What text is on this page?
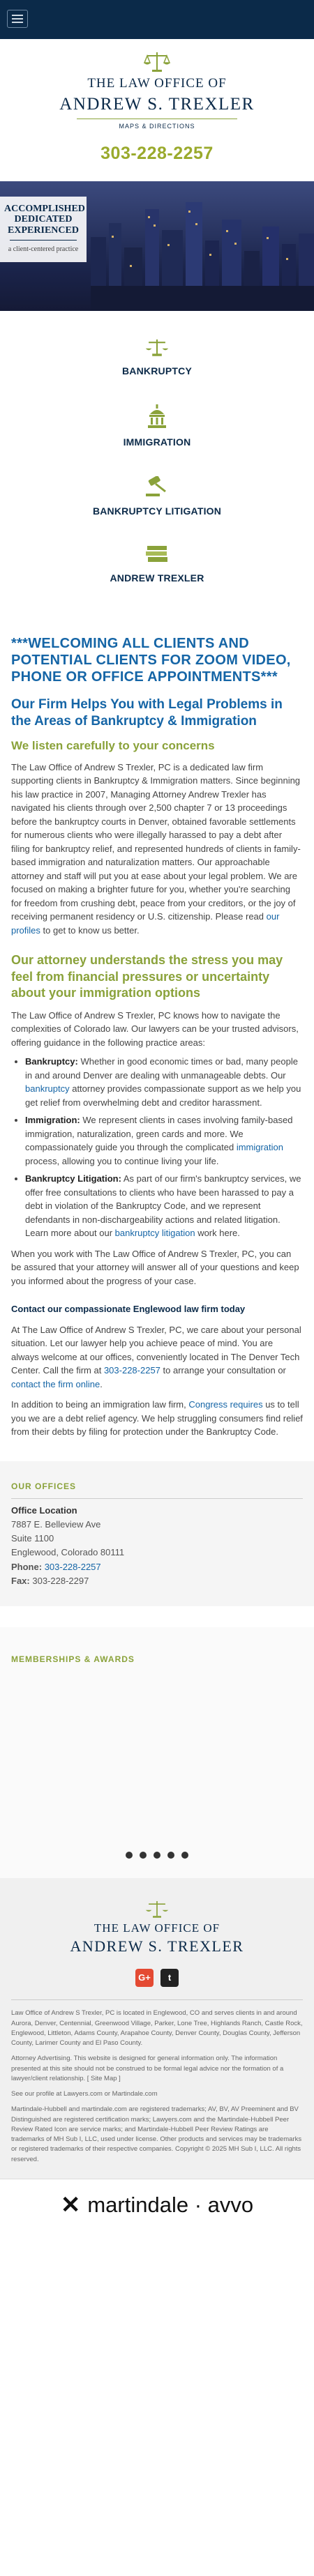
THE LAW OFFICE OF
ANDREW S. TREXLER
MAPS & DIRECTIONS
303-228-2257
ACCOMPLISHED DEDICATED EXPERIENCED

a client-centered practice

BANKRUPTCY
IMMIGRATION
BANKRUPTCY LITIGATION
ANDREW TREXLER
***WELCOMING ALL CLIENTS AND POTENTIAL CLIENTS FOR ZOOM VIDEO, PHONE OR OFFICE APPOINTMENTS***
Our Firm Helps You with Legal Problems in the Areas of Bankruptcy & Immigration
We listen carefully to your concerns

The Law Office of Andrew S Trexler, PC is a dedicated law firm supporting clients in Bankruptcy & Immigration matters. Since beginning his law practice in 2007, Managing Attorney Andrew Trexler has navigated his clients through over 2,500 chapter 7 or 13 proceedings before the bankruptcy courts in Denver, obtained favorable settlements for numerous clients who were illegally harassed to pay a debt after filing for bankruptcy relief, and represented hundreds of clients in family-based immigration and naturalization matters. Our approachable attorney and staff will put you at ease about your legal problem. We are focused on making a brighter future for you, whether you're searching for freedom from crushing debt, peace from your creditors, or the joy of receiving permanent residency or U.S. citizenship. Please read our profiles to get to know us better.

Our attorney understands the stress you may feel from financial pressures or uncertainty about your immigration options

The Law Office of Andrew S Trexler, PC knows how to navigate the complexities of Colorado law. Our lawyers can be your trusted advisors, offering guidance in the following practice areas:

• Bankruptcy: Whether in good economic times or bad, many people in and around Denver are dealing with unmanageable debts. Our bankruptcy attorney provides compassionate support as we help you get relief from overwhelming debt and creditor harassment.
• Immigration: We represent clients in cases involving family-based immigration, naturalization, green cards and more. We compassionately guide you through the complicated immigration process, allowing you to continue living your life.
• Bankruptcy Litigation: As part of our firm's bankruptcy services, we offer free consultations to clients who have been harassed to pay a debt in violation of the Bankruptcy Code, and we represent defendants in non-dischargeability actions and related litigation. Learn more about our bankruptcy litigation work here.

When you work with The Law Office of Andrew S Trexler, PC, you can be assured that your attorney will answer all of your questions and keep you informed about the progress of your case.

Contact our compassionate Englewood law firm today

At The Law Office of Andrew S Trexler, PC, we care about your personal situation. Let our lawyer help you achieve peace of mind. You are always welcome at our offices, conveniently located in The Denver Tech Center. Call the firm at 303-228-2257 to arrange your consultation or contact the firm online.

In addition to being an immigration law firm, Congress requires us to tell you we are a debt relief agency. We help struggling consumers find relief from their debts by filing for protection under the Bankruptcy Code.

OUR OFFICES
Office Location
7887 E. Belleview Ave
Suite 1100
Englewood, Colorado 80111
Phone: 303-228-2257
Fax: 303-228-2297
MEMBERSHIPS & AWARDS
THE LAW OFFICE OF
ANDREW S. TREXLER
G+	t

Law Office of Andrew S Trexler, PC is located in Englewood, CO and serves clients in and around Aurora, Denver, Centennial, Greenwood Village, Parker, Lone Tree, Highlands Ranch, Castle Rock, Englewood, Littleton, Adams County, Arapahoe County, Denver County, Douglas County, Jefferson County, Larimer County and El Paso County.

Attorney Advertising. This website is designed for general information only. The information presented at this site should not be construed to be formal legal advice nor the formation of a lawyer/client relationship. [ Site Map ]

See our profile at Lawyers.com or Martindale.com

Martindale-Hubbell and martindale.com are registered trademarks; AV, BV, AV Preeminent and BV Distinguished are registered certification marks; Lawyers.com and the Martindale-Hubbell Peer Review Rated Icon are service marks; and Martindale-Hubbell Peer Review Ratings are trademarks of MH Sub I, LLC, used under license. Other products and services may be trademarks or registered trademarks of their respective companies. Copyright © 2025 MH Sub I, LLC. All rights reserved.

✕ martindale · avvo
